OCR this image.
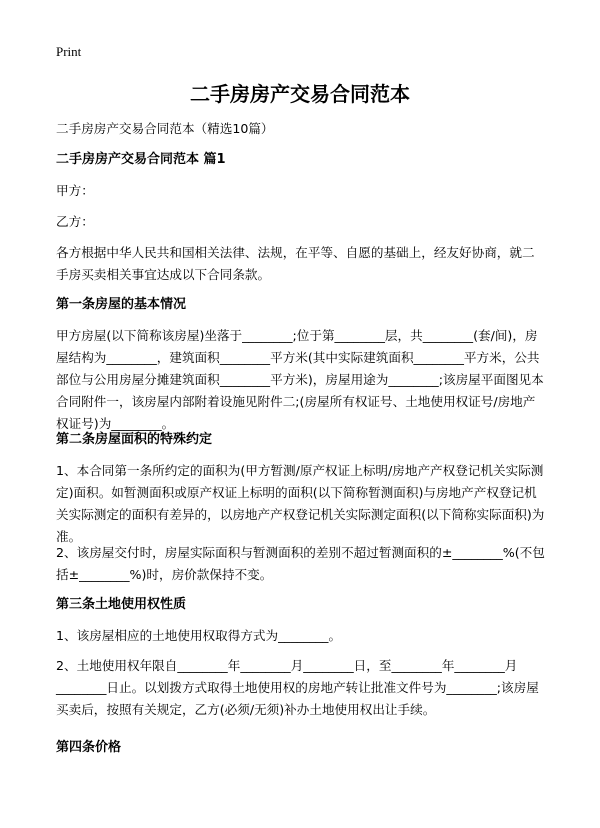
Print
二手房房产交易合同范本

二手房房产交易合同范本（精选10篇）

二手房房产交易合同范本 篇1

甲方：

乙方：

各方根据中华人民共和国相关法律、法规，在平等、自愿的基础上，经友好协商，就二手房买卖相关事宜达成以下合同条款。

第一条房屋的基本情况

甲方房屋(以下简称该房屋)坐落于________;位于第________层，共________(套/间)，房屋结构为________，建筑面积________平方米(其中实际建筑面积________平方米，公共部位与公用房屋分摊建筑面积________平方米)，房屋用途为________;该房屋平面图见本合同附件一，该房屋内部附着设施见附件二;(房屋所有权证号、土地使用权证号/房地产权证号)为________。

第二条房屋面积的特殊约定

1、本合同第一条所约定的面积为(甲方暂测/原产权证上标明/房地产产权登记机关实际测定)面积。如暂测面积或原产权证上标明的面积(以下简称暂测面积)与房地产产权登记机关实际测定的面积有差异的，以房地产产权登记机关实际测定面积(以下简称实际面积)为准。

2、该房屋交付时，房屋实际面积与暂测面积的差别不超过暂测面积的±________%(不包括±________%)时，房价款保持不变。

第三条土地使用权性质

1、该房屋相应的土地使用权取得方式为________。

2、土地使用权年限自________年________月________日，至________年________月________日止。以划拨方式取得土地使用权的房地产转让批准文件号为________;该房屋买卖后，按照有关规定，乙方(必须/无须)补办土地使用权出让手续。

第四条价格
